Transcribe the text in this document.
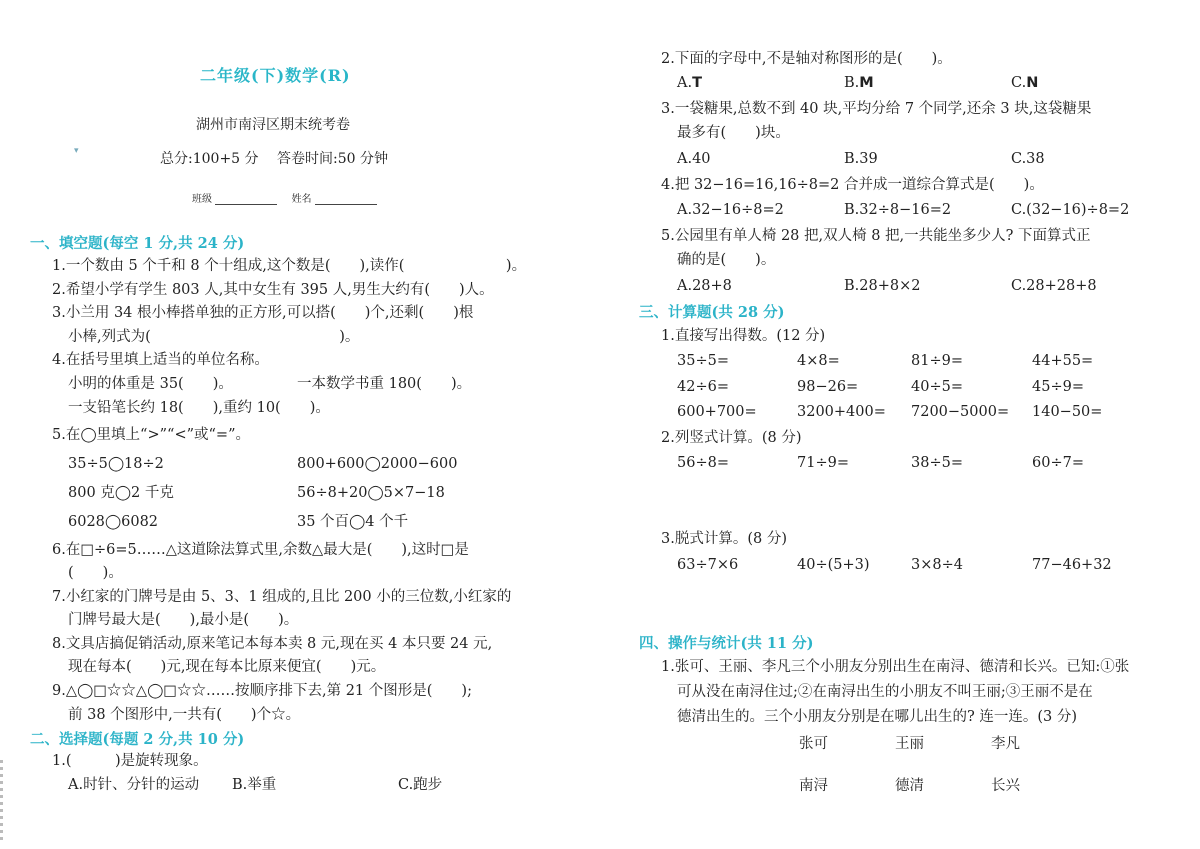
▾
二年级(下)数学(R)
湖州市南浔区期末统考卷
总分:100+5 分　 答卷时间:50 分钟
班级	姓名
一、填空题(每空 1 分,共 24 分)
1.一个数由 5 个千和 8 个十组成,这个数是(　　),读作(　　　　　　　)。
2.希望小学有学生 803 人,其中女生有 395 人,男生大约有(　　)人。
3.小兰用 34 根小棒搭单独的正方形,可以搭(　　)个,还剩(　　)根
小棒,列式为(　　　　　　　　　　　　　)。
4.在括号里填上适当的单位名称。
小明的体重是 35(　　)。	一本数学书重 180(　　)。
一支铅笔长约 18(　　),重约 10(　　)。
5.在◯里填上“>”“<”或“=”。
35÷5◯18÷2	800+600◯2000−600
800 克◯2 千克	56÷8+20◯5×7−18
6028◯6082	35 个百◯4 个千
6.在□÷6=5……△这道除法算式里,余数△最大是(　　),这时□是
(　　)。
7.小红家的门牌号是由 5、3、1 组成的,且比 200 小的三位数,小红家的
门牌号最大是(　　),最小是(　　)。
8.文具店搞促销活动,原来笔记本每本卖 8 元,现在买 4 本只要 24 元,
现在每本(　　)元,现在每本比原来便宜(　　)元。
9.△◯□☆☆△◯□☆☆……按顺序排下去,第 21 个图形是(　　);
前 38 个图形中,一共有(　　)个☆。
二、选择题(每题 2 分,共 10 分)
1.(　　　)是旋转现象。
A.时针、分针的运动 B.举重	C.跑步
2.下面的字母中,不是轴对称图形的是(　　)。
A.T	B.M	C.N
3.一袋糖果,总数不到 40 块,平均分给 7 个同学,还余 3 块,这袋糖果
最多有(　　)块。
A.40	B.39	C.38
4.把 32−16=16,16÷8=2 合并成一道综合算式是(　　)。
A.32−16÷8=2	B.32÷8−16=2	C.(32−16)÷8=2
5.公园里有单人椅 28 把,双人椅 8 把,一共能坐多少人? 下面算式正
确的是(　　)。
A.28+8	B.28+8×2	C.28+28+8
三、计算题(共 28 分)
1.直接写出得数。(12 分)
35÷5=	4×8=	81÷9=	44+55=
42÷6=	98−26=	40÷5=	45÷9=
600+700=	3200+400= 7200−5000= 140−50=
2.列竖式计算。(8 分)
56÷8=	71÷9=	38÷5=	60÷7=
3.脱式计算。(8 分)
63÷7×6	40÷(5+3)	3×8÷4	77−46+32
四、操作与统计(共 11 分)
1.张可、王丽、李凡三个小朋友分别出生在南浔、德清和长兴。已知:①张
可从没在南浔住过;②在南浔出生的小朋友不叫王丽;③王丽不是在
德清出生的。三个小朋友分别是在哪儿出生的? 连一连。(3 分)
张可	王丽	李凡
南浔	德清	长兴
